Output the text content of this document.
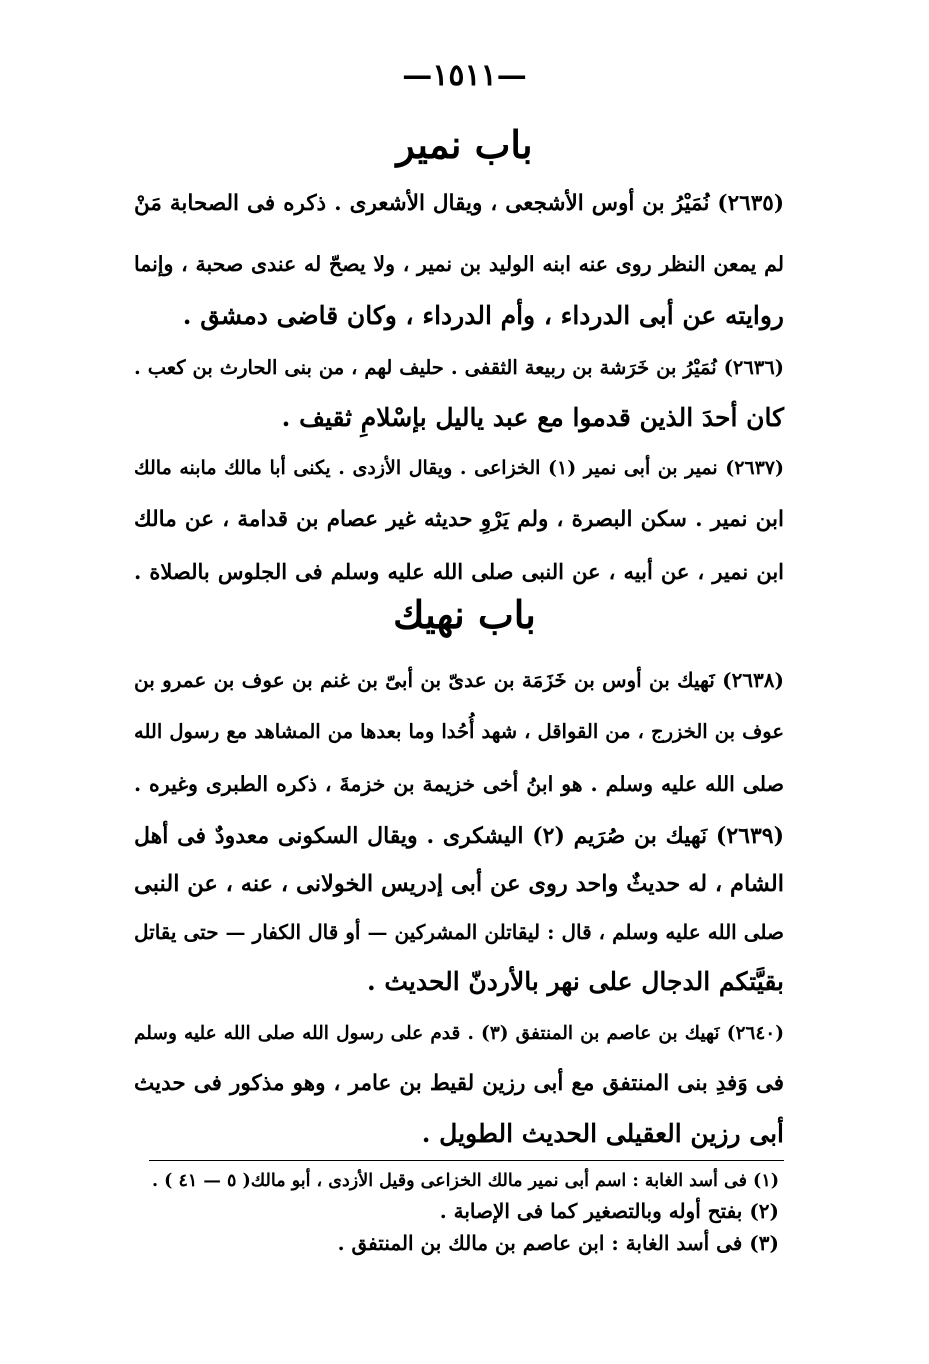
—١٥١١—
باب نمير
(٢٦٣٥) نُمَيْرُ بن أوس الأشجعى ، ويقال الأشعرى . ذكره فى الصحابة مَنْ
لم يمعن النظر روى عنه ابنه الوليد بن نمير ، ولا يصحّ له عندى صحبة ، وإنما
روايته عن أبى الدرداء ، وأم الدرداء ، وكان قاضى دمشق .
(٢٦٣٦) نُمَيْرُ بن خَرَشة بن ربيعة الثقفى . حليف لهم ، من بنى الحارث بن كعب .
كان أحدَ الذين قدموا مع عبد ياليل بإسْلامِ ثقيف .
(٢٦٣٧) نمير بن أبى نمير (١) الخزاعى . ويقال الأزدى . يكنى أبا مالك مابنه مالك
ابن نمير . سكن البصرة ، ولم يَرْوِ حديثه غير عصام بن قدامة ، عن مالك
ابن نمير ، عن أبيه ، عن النبى صلى الله عليه وسلم فى الجلوس بالصلاة .
باب نهيك
(٢٦٣٨) نَهيك بن أوس بن خَزَمَة بن عدىّ بن أبىّ بن غنم بن عوف بن عمرو بن
عوف بن الخزرج ، من القواقل ، شهد أُحُدا وما بعدها من المشاهد مع رسول الله
صلى الله عليه وسلم . هو ابنُ أخى خزيمة بن خزمةَ ، ذكره الطبرى وغيره .
(٢٦٣٩) نَهيك بن صُرَيم (٢) اليشكرى . ويقال السكونى معدودٌ فى أهل
الشام ، له حديثٌ واحد روى عن أبى إدريس الخولانى ، عنه ، عن النبى
صلى الله عليه وسلم ، قال : ليقاتلن المشركين — أو قال الكفار — حتى يقاتل
بقيَّتكم الدجال على نهر بالأردنّ الحديث .
(٢٦٤٠) نَهيك بن عاصم بن المنتفق (٣) . قدم على رسول الله صلى الله عليه وسلم
فى وَفدِ بنى المنتفق مع أبى رزين لقيط بن عامر ، وهو مذكور فى حديث
أبى رزين العقيلى الحديث الطويل .
(١) فى أسد الغابة : اسم أبى نمير مالك الخزاعى وقيل الأزدى ، أبو مالك( ٥ — ٤١ ) .
(٢) بفتح أوله وبالتصغير كما فى الإصابة .
(٣) فى أسد الغابة : ابن عاصم بن مالك بن المنتفق .
